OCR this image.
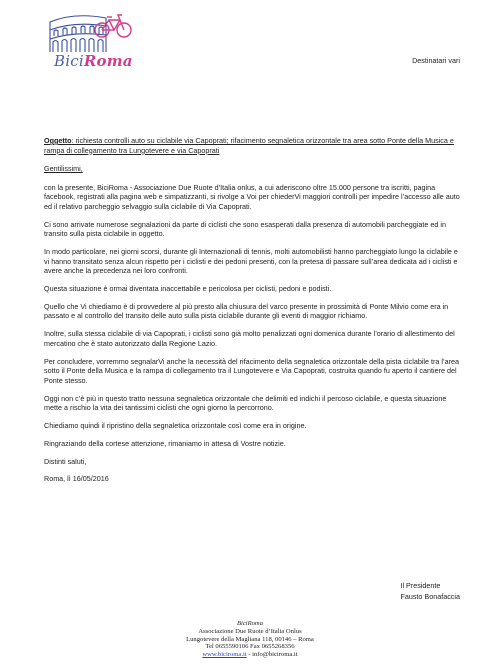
BiciRoma	Destinatari vari

Oggetto: richiesta controlli auto su ciclabile via Capoprati; rifacimento segnaletica orizzontale tra area sotto Ponte della Musica e rampa di collegamento tra Lungotevere e via Capoprati

Gentilissimi,

con la presente, BiciRoma - Associazione Due Ruote d’Italia onlus, a cui aderiscono oltre 15.000 persone tra iscritti, pagina facebook, registrati alla pagina web e simpatizzanti, si rivolge a Voi per chiederVi maggiori controlli per impedire l’accesso alle auto ed il relativo parcheggio selvaggio sulla ciclabile di Via Capoprati.

Ci sono arrivate numerose segnalazioni da parte di ciclisti che sono esasperati dalla presenza di automobili parcheggiate ed in transito sulla pista ciclabile in oggetto.

In modo particolare, nei giorni scorsi, durante gli Internazionali di tennis, molti automobilisti hanno parcheggiato lungo la ciclabile e vi hanno transitato senza alcun rispetto per i ciclisti e dei pedoni presenti, con la pretesa di passare sull’area dedicata ad i ciclisti e avere anche la precedenza nei loro confronti.

Questa situazione è ormai diventata inaccettabile e pericolosa per ciclisti, pedoni e podisti.

Quello che Vi chiediamo è di provvedere al più presto alla chiusura del varco presente in prossimità di Ponte Milvio come era in passato e al controllo del transito delle auto sulla pista ciclabile durante gli eventi di maggior richiamo.

Inoltre, sulla stessa ciclabile di via Capoprati, i ciclisti sono già molto penalizzati ogni domenica durante l’orario di allestimento del mercatino che è stato autorizzato dalla Regione Lazio.

Per concludere, vorremmo segnalarVi anche la necessità del rifacimento della segnaletica orizzontale della pista ciclabile tra l’area sotto il Ponte della Musica e la rampa di collegamento tra il Lungotevere e Via Capoprati, costruita quando fu aperto il cantiere del Ponte stesso.

Oggi non c’è più in questo tratto nessuna segnaletica orizzontale che delimiti ed indichi il percoso ciclabile, e questa situazione mette a rischio la vita dei tantissimi ciclisti che ogni giorno la percorrono.

Chiediamo quindi il ripristino della segnaletica orizzontale così come era in origine.

Ringraziando della cortese attenzione, rimaniamo in attesa di Vostre notizie.

Distinti saluti,

Roma, lì 16/05/2016

Il Presidente
Fausto Bonafaccia
BiciRoma
Associazione Due Ruote d’Italia Onlus
Lungotevere della Magliana 118, 00146 – Roma
Tel 0655590106 Fax 0655268356
www.biciroma.it - info@biciroma.it
